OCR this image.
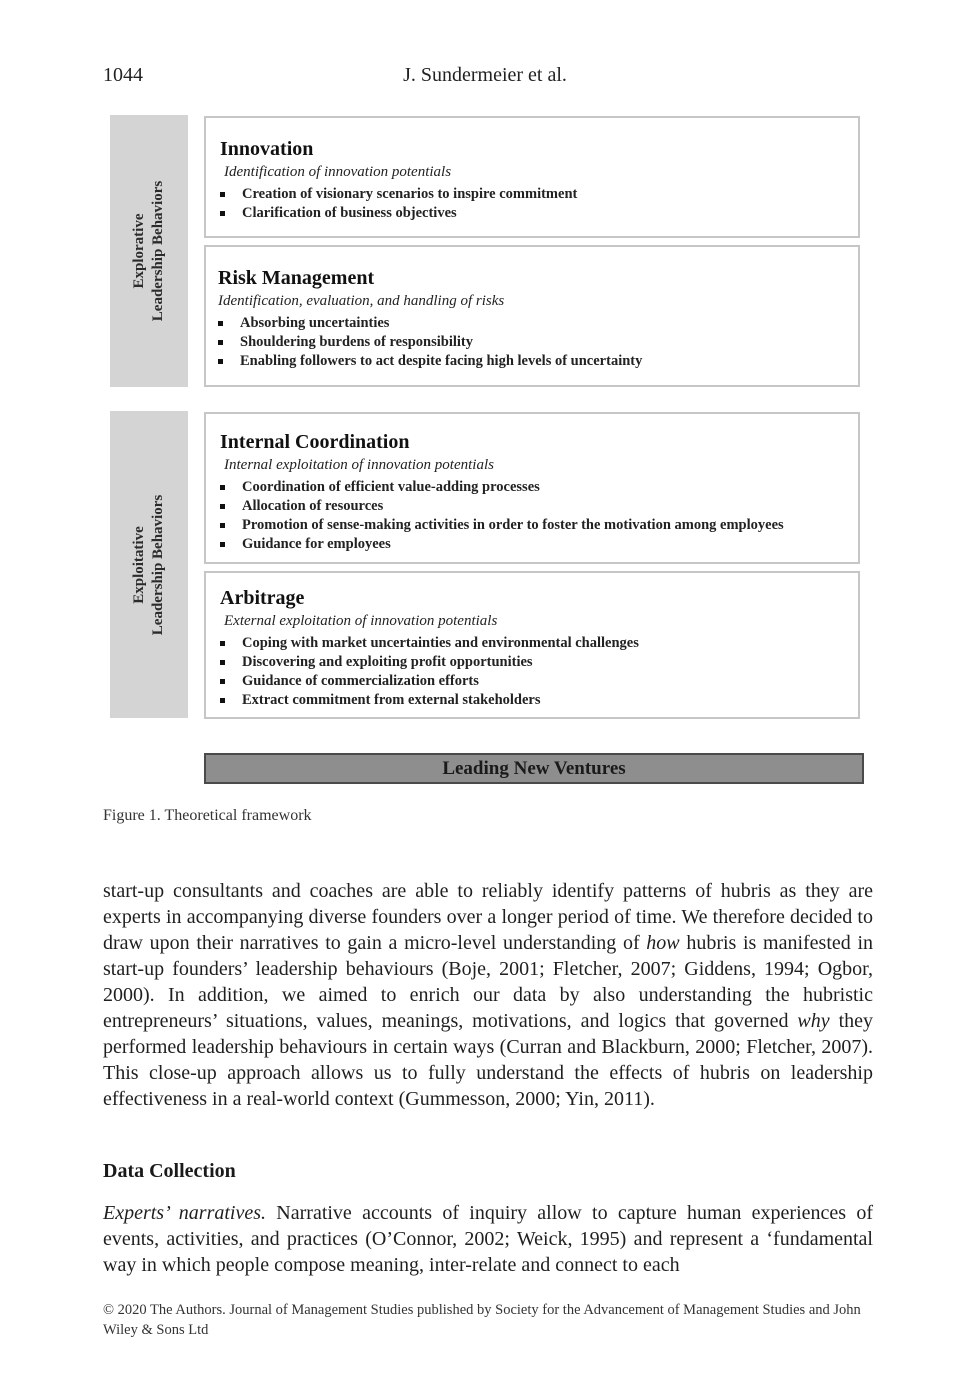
1044	J. Sundermeier et al.
Explorative Leadership Behaviors
Exploitative Leadership Behaviors

Innovation

Identification of innovation potentials

Creation of visionary scenarios to inspire commitment
Clarification of business objectives

Risk Management

Identification, evaluation, and handling of risks

Absorbing uncertainties
Shouldering burdens of responsibility
Enabling followers to act despite facing high levels of uncertainty

Internal Coordination

Internal exploitation of innovation potentials

Coordination of efficient value-adding processes
Allocation of resources
Promotion of sense-making activities in order to foster the motivation among employees
Guidance for employees

Arbitrage

External exploitation of innovation potentials

Coping with market uncertainties and environmental challenges
Discovering and exploiting profit opportunities
Guidance of commercialization efforts
Extract commitment from external stakeholders
Leading New Ventures
Figure 1. Theoretical framework

start-up consultants and coaches are able to reliably identify patterns of hubris as they are experts in accompanying diverse founders over a longer period of time. We therefore decided to draw upon their narratives to gain a micro-level understanding of how hubris is manifested in start-up founders’ leadership behaviours (Boje, 2001; Fletcher, 2007; Giddens, 1994; Ogbor, 2000). In addition, we aimed to enrich our data by also understanding the hubristic entrepreneurs’ situations, values, meanings, motivations, and logics that governed why they performed leadership behaviours in certain ways (Curran and Blackburn, 2000; Fletcher, 2007). This close-up approach allows us to fully understand the effects of hubris on leadership effectiveness in a real-world context (Gummesson, 2000; Yin, 2011).

Data Collection

Experts’ narratives. Narrative accounts of inquiry allow to capture human experiences of events, activities, and practices (O’Connor, 2002; Weick, 1995) and represent a ‘fundamental way in which people compose meaning, inter-relate and connect to each

© 2020 The Authors. Journal of Management Studies published by Society for the Advancement of Management Studies and John Wiley & Sons Ltd
